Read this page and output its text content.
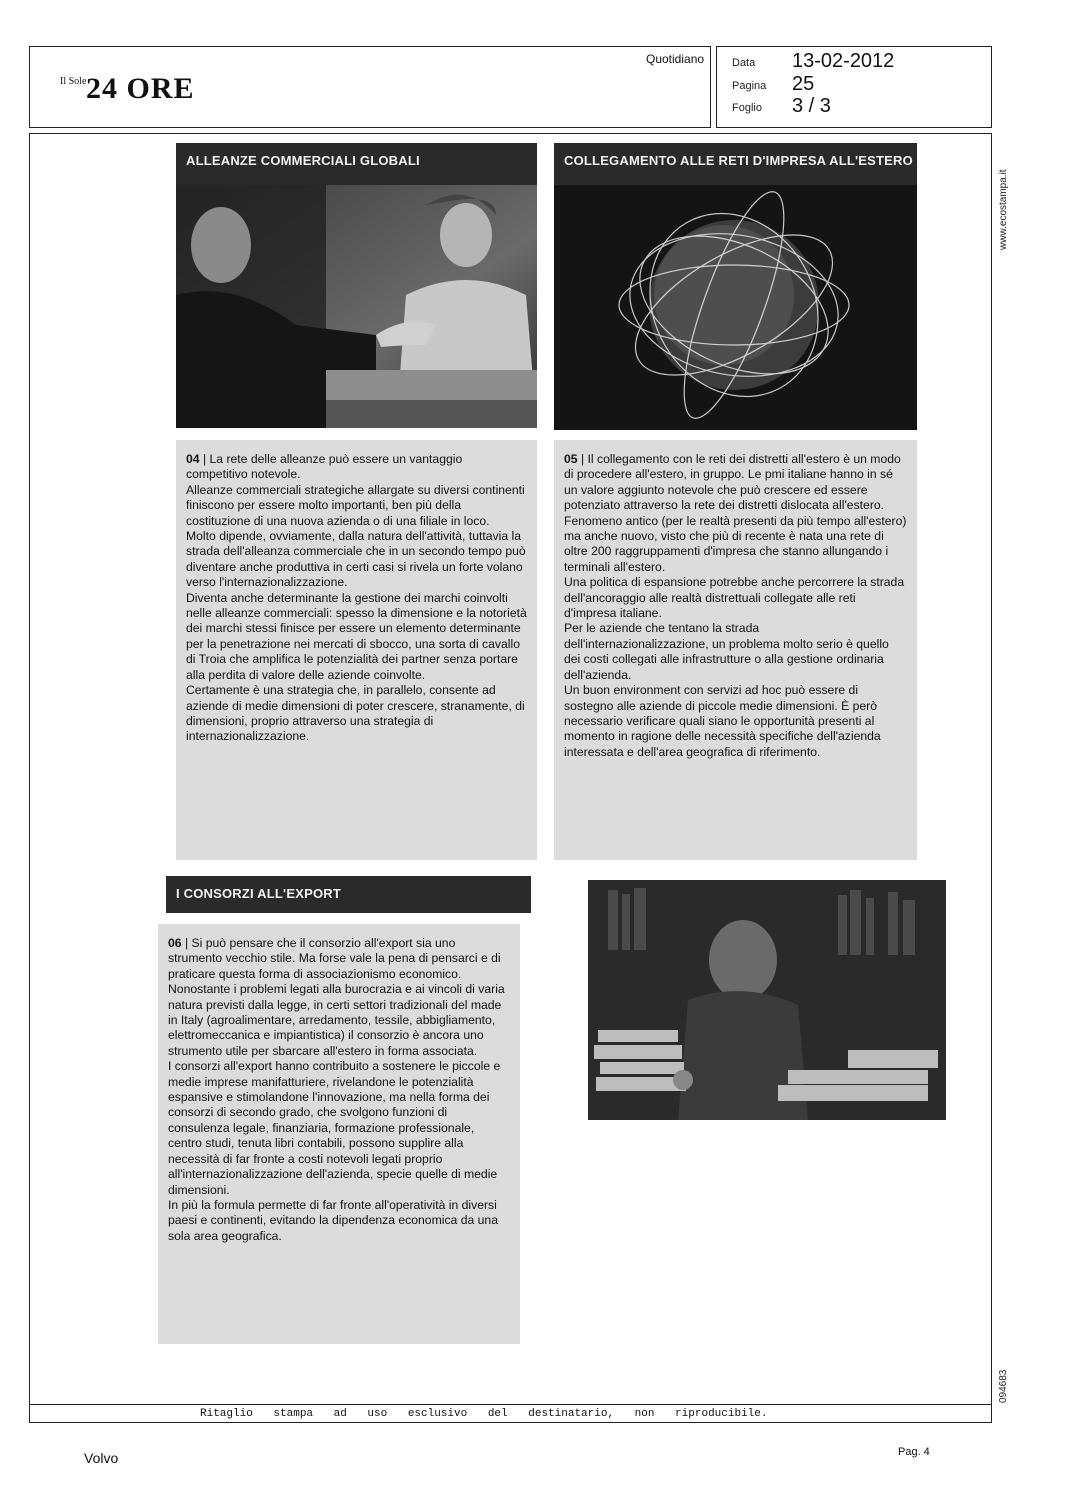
Il Sole 24 ORE
Quotidiano	Data 13-02-2012
Pagina 25
Foglio 3 / 3
www.ecostampa.it
094683
ALLEANZE COMMERCIALI GLOBALI

04 | La rete delle alleanze può essere un vantaggio competitivo notevole.

Alleanze commerciali strategiche allargate su diversi continenti finiscono per essere molto importanti, ben più della costituzione di una nuova azienda o di una filiale in loco.

Molto dipende, ovviamente, dalla natura dell'attività, tuttavia la strada dell'alleanza commerciale che in un secondo tempo può diventare anche produttiva in certi casi si rivela un forte volano verso l'internazionalizzazione.

Diventa anche determinante la gestione dei marchi coinvolti nelle alleanze commerciali: spesso la dimensione e la notorietà dei marchi stessi finisce per essere un elemento determinante per la penetrazione nei mercati di sbocco, una sorta di cavallo di Troia che amplifica le potenzialità dei partner senza portare alla perdita di valore delle aziende coinvolte.

Certamente è una strategia che, in parallelo, consente ad aziende di medie dimensioni di poter crescere, stranamente, di dimensioni, proprio attraverso una strategia di internazionalizzazione.

COLLEGAMENTO ALLE RETI D'IMPRESA ALL'ESTERO

05 | Il collegamento con le reti dei distretti all'estero è un modo di procedere all'estero, in gruppo. Le pmi italiane hanno in sé un valore aggiunto notevole che può crescere ed essere potenziato attraverso la rete dei distretti dislocata all'estero.

Fenomeno antico (per le realtà presenti da più tempo all'estero) ma anche nuovo, visto che più di recente è nata una rete di oltre 200 raggruppamenti d'impresa che stanno allungando i terminali all'estero.

Una politica di espansione potrebbe anche percorrere la strada dell'ancoraggio alle realtà distrettuali collegate alle reti d'impresa italiane.

Per le aziende che tentano la strada dell'internazionalizzazione, un problema molto serio è quello dei costi collegati alle infrastrutture o alla gestione ordinaria dell'azienda.

Un buon environment con servizi ad hoc può essere di sostegno alle aziende di piccole medie dimensioni. È però necessario verificare quali siano le opportunità presenti al momento in ragione delle necessità specifiche dell'azienda interessata e dell'area geografica di riferimento.

I CONSORZI ALL'EXPORT

06 | Si può pensare che il consorzio all'export sia uno strumento vecchio stile. Ma forse vale la pena di pensarci e di praticare questa forma di associazionismo economico.

Nonostante i problemi legati alla burocrazia e ai vincoli di varia natura previsti dalla legge, in certi settori tradizionali del made in Italy (agroalimentare, arredamento, tessile, abbigliamento, elettromeccanica e impiantistica) il consorzio è ancora uno strumento utile per sbarcare all'estero in forma associata.

I consorzi all'export hanno contribuito a sostenere le piccole e medie imprese manifatturiere, rivelandone le potenzialità espansive e stimolandone l'innovazione, ma nella forma dei consorzi di secondo grado, che svolgono funzioni di consulenza legale, finanziaria, formazione professionale, centro studi, tenuta libri contabili, possono supplire alla necessità di far fronte a costi notevoli legati proprio all'internazionalizzazione dell'azienda, specie quelle di medie dimensioni.

In più la formula permette di far fronte all'operatività in diversi paesi e continenti, evitando la dipendenza economica da una sola area geografica.

Ritaglio stampa ad uso esclusivo del destinatario, non riproducibile.
Volvo	Pag. 4
